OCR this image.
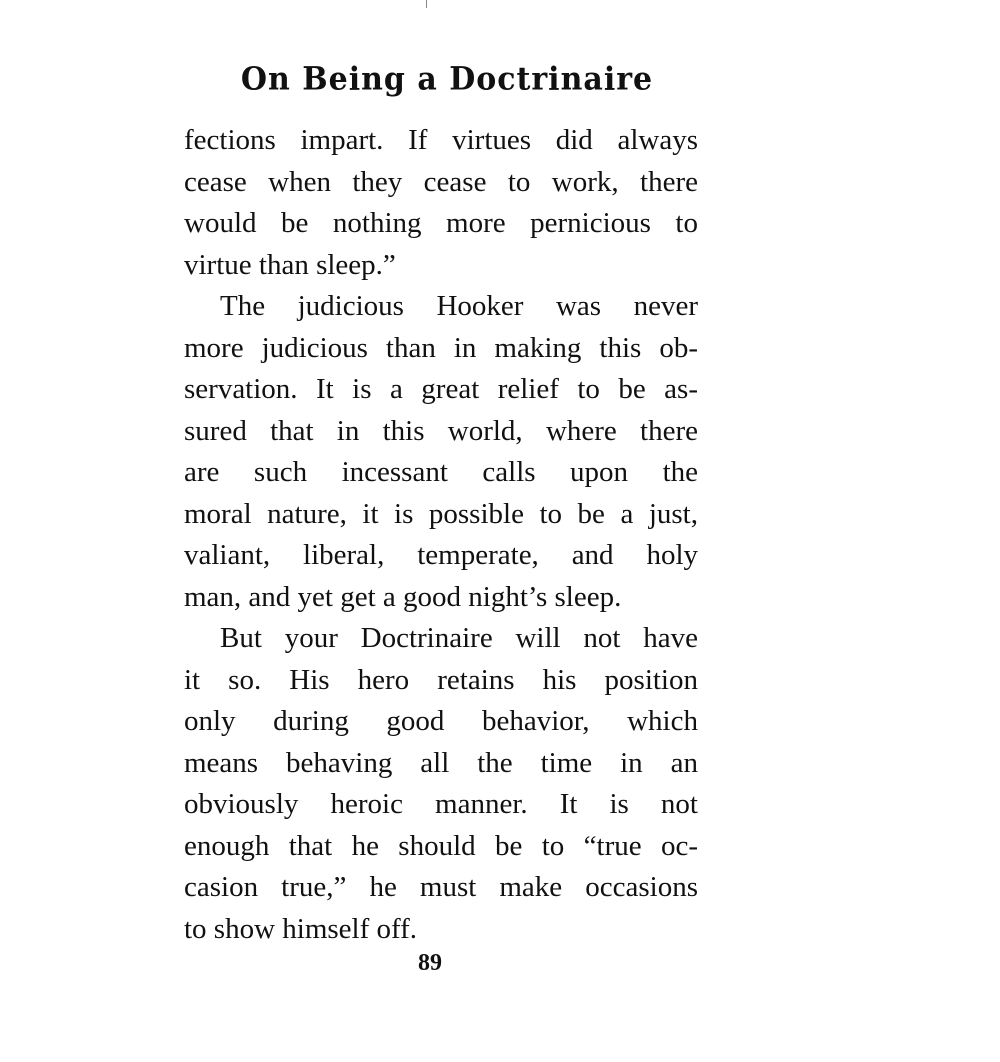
On Being a Doctrinaire
fections impart. If virtues did always
cease when they cease to work, there
would be nothing more pernicious to
virtue than sleep.”
The judicious Hooker was never
more judicious than in making this ob-
servation. It is a great relief to be as-
sured that in this world, where there
are such incessant calls upon the
moral nature, it is possible to be a just,
valiant, liberal, temperate, and holy
man, and yet get a good night’s sleep.
But your Doctrinaire will not have
it so. His hero retains his position
only during good behavior, which
means behaving all the time in an
obviously heroic manner. It is not
enough that he should be to “true oc-
casion true,” he must make occasions
to show himself off.
89
